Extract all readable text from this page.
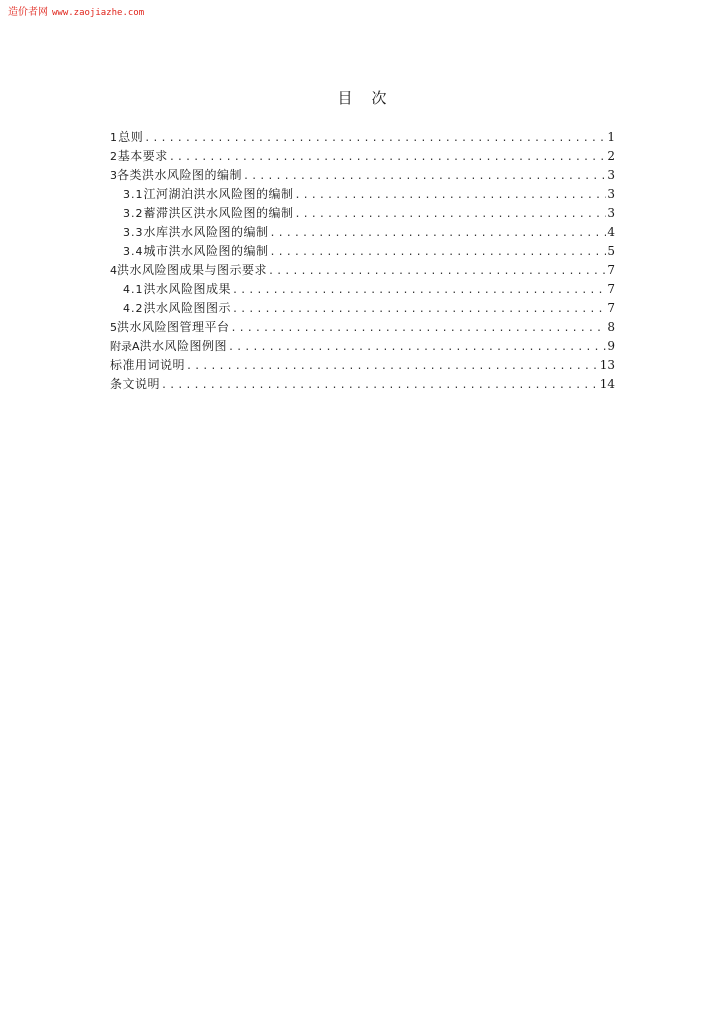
造价者网 www.zaojiazhe.com
目 次
1 总则 .....	1
2 基本要求 .....	2
3 各类洪水风险图的编制 .....	3
3.1 江河湖泊洪水风险图的编制 .....	3
3.2 蓄滞洪区洪水风险图的编制 .....	3
3.3 水库洪水风险图的编制 .....	4
3.4 城市洪水风险图的编制 .....	5
4 洪水风险图成果与图示要求 .....	7
4.1 洪水风险图成果 .....	7
4.2 洪水风险图图示 .....	7
5 洪水风险图管理平台 .....	8
附录A 洪水风险图例图 .....	9
标准用词说明 .....	13
条文说明 .....	14
